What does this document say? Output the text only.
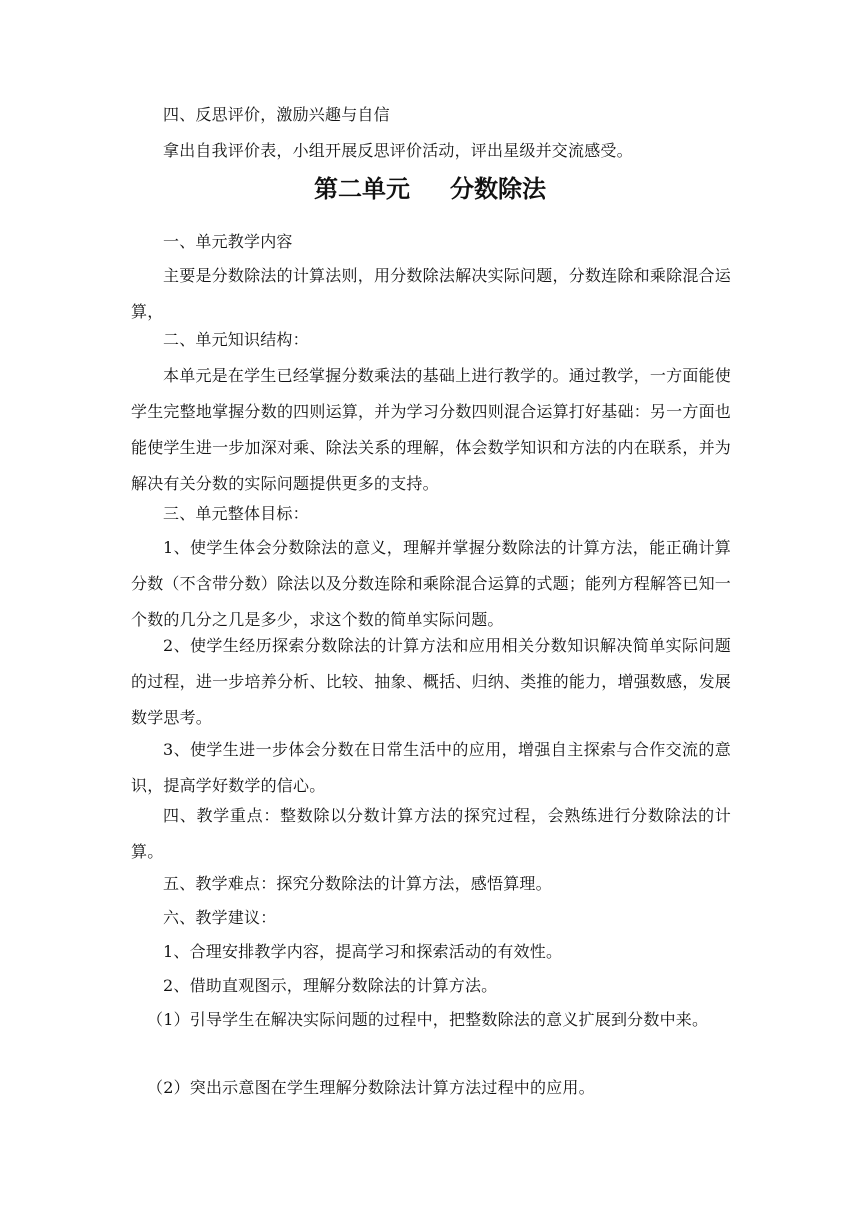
四、反思评价，激励兴趣与自信

拿出自我评价表，小组开展反思评价活动，评出星级并交流感受。

第二单元 分数除法

一、单元教学内容

主要是分数除法的计算法则，用分数除法解决实际问题，分数连除和乘除混合运算，

二、单元知识结构：

本单元是在学生已经掌握分数乘法的基础上进行教学的。通过教学，一方面能使学生完整地掌握分数的四则运算，并为学习分数四则混合运算打好基础：另一方面也能使学生进一步加深对乘、除法关系的理解，体会数学知识和方法的内在联系，并为解决有关分数的实际问题提供更多的支持。

三、单元整体目标：

1、使学生体会分数除法的意义，理解并掌握分数除法的计算方法，能正确计算分数（不含带分数）除法以及分数连除和乘除混合运算的式题；能列方程解答已知一个数的几分之几是多少，求这个数的简单实际问题。

2、使学生经历探索分数除法的计算方法和应用相关分数知识解决简单实际问题的过程，进一步培养分析、比较、抽象、概括、归纳、类推的能力，增强数感，发展数学思考。

3、使学生进一步体会分数在日常生活中的应用，增强自主探索与合作交流的意识，提高学好数学的信心。

四、教学重点：整数除以分数计算方法的探究过程，会熟练进行分数除法的计算。

五、教学难点：探究分数除法的计算方法，感悟算理。

六、教学建议：

1、合理安排教学内容，提高学习和探索活动的有效性。

2、借助直观图示，理解分数除法的计算方法。

（1）引导学生在解决实际问题的过程中，把整数除法的意义扩展到分数中来。

（2）突出示意图在学生理解分数除法计算方法过程中的应用。
